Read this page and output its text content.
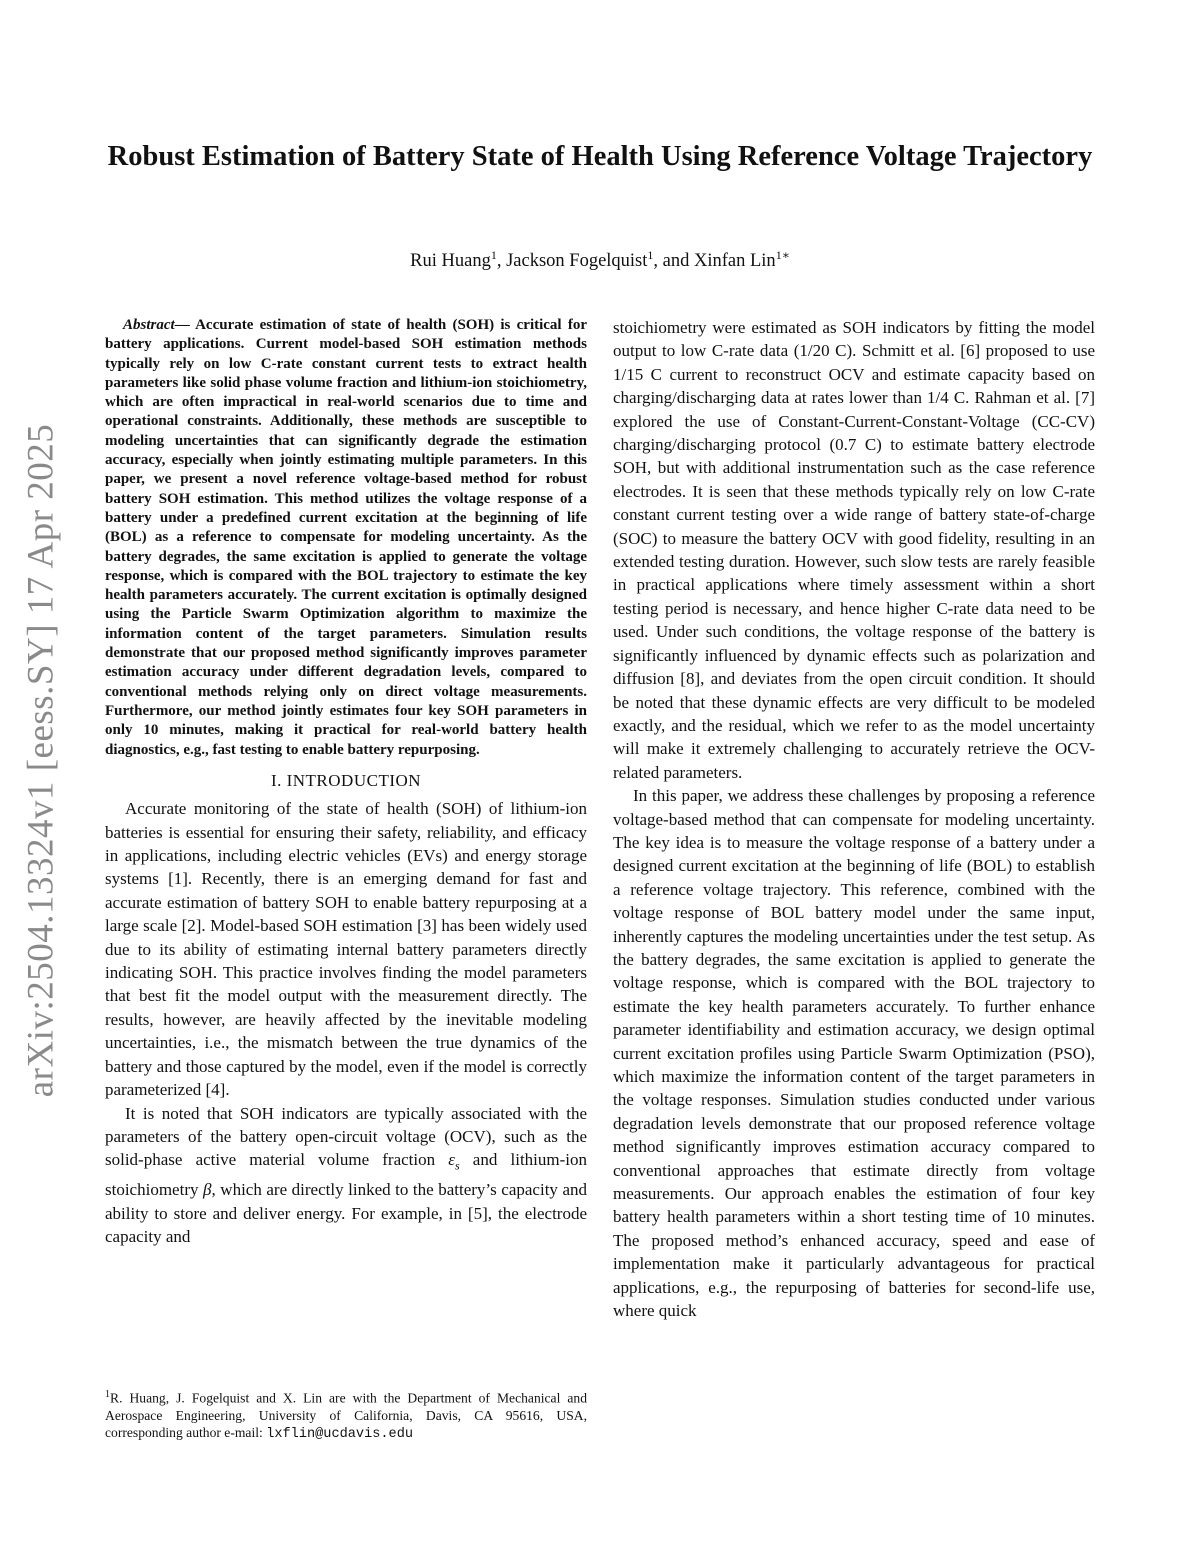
arXiv:2504.13324v1 [eess.SY] 17 Apr 2025
Robust Estimation of Battery State of Health Using Reference Voltage Trajectory
Rui Huang$^1$, Jackson Fogelquist$^1$, and Xinfan Lin$^{1∗}$

Abstract— Accurate estimation of state of health (SOH) is critical for battery applications. Current model-based SOH estimation methods typically rely on low C-rate constant current tests to extract health parameters like solid phase volume fraction and lithium-ion stoichiometry, which are often impractical in real-world scenarios due to time and operational constraints. Additionally, these methods are susceptible to modeling uncertainties that can significantly degrade the estimation accuracy, especially when jointly estimating multiple parameters. In this paper, we present a novel reference voltage-based method for robust battery SOH estimation. This method utilizes the voltage response of a battery under a predefined current excitation at the beginning of life (BOL) as a reference to compensate for modeling uncertainty. As the battery degrades, the same excitation is applied to generate the voltage response, which is compared with the BOL trajectory to estimate the key health parameters accurately. The current excitation is optimally designed using the Particle Swarm Optimization algorithm to maximize the information content of the target parameters. Simulation results demonstrate that our proposed method significantly improves parameter estimation accuracy under different degradation levels, compared to conventional methods relying only on direct voltage measurements. Furthermore, our method jointly estimates four key SOH parameters in only 10 minutes, making it practical for real-world battery health diagnostics, e.g., fast testing to enable battery repurposing.

I. INTRODUCTION

Accurate monitoring of the state of health (SOH) of lithium-ion batteries is essential for ensuring their safety, reliability, and efficacy in applications, including electric vehicles (EVs) and energy storage systems [1]. Recently, there is an emerging demand for fast and accurate estimation of battery SOH to enable battery repurposing at a large scale [2]. Model-based SOH estimation [3] has been widely used due to its ability of estimating internal battery parameters directly indicating SOH. This practice involves finding the model parameters that best fit the model output with the measurement directly. The results, however, are heavily affected by the inevitable modeling uncertainties, i.e., the mismatch between the true dynamics of the battery and those captured by the model, even if the model is correctly parameterized [4].

It is noted that SOH indicators are typically associated with the parameters of the battery open-circuit voltage (OCV), such as the solid-phase active material volume fraction $\varepsilon_s$ and lithium-ion stoichiometry β, which are directly linked to the battery’s capacity and ability to store and deliver energy. For example, in [5], the electrode capacity and

$^1$R. Huang, J. Fogelquist and X. Lin are with the Department of Mechanical and Aerospace Engineering, University of California, Davis, CA 95616, USA, corresponding author e-mail: lxflin@ucdavis.edu

stoichiometry were estimated as SOH indicators by fitting the model output to low C-rate data (1/20 C). Schmitt et al. [6] proposed to use 1/15 C current to reconstruct OCV and estimate capacity based on charging/discharging data at rates lower than 1/4 C. Rahman et al. [7] explored the use of Constant-Current-Constant-Voltage (CC-CV) charging/discharging protocol (0.7 C) to estimate battery electrode SOH, but with additional instrumentation such as the case reference electrodes. It is seen that these methods typically rely on low C-rate constant current testing over a wide range of battery state-of-charge (SOC) to measure the battery OCV with good fidelity, resulting in an extended testing duration. However, such slow tests are rarely feasible in practical applications where timely assessment within a short testing period is necessary, and hence higher C-rate data need to be used. Under such conditions, the voltage response of the battery is significantly influenced by dynamic effects such as polarization and diffusion [8], and deviates from the open circuit condition. It should be noted that these dynamic effects are very difficult to be modeled exactly, and the residual, which we refer to as the model uncertainty will make it extremely challenging to accurately retrieve the OCV-related parameters.

In this paper, we address these challenges by proposing a reference voltage-based method that can compensate for modeling uncertainty. The key idea is to measure the voltage response of a battery under a designed current excitation at the beginning of life (BOL) to establish a reference voltage trajectory. This reference, combined with the voltage response of BOL battery model under the same input, inherently captures the modeling uncertainties under the test setup. As the battery degrades, the same excitation is applied to generate the voltage response, which is compared with the BOL trajectory to estimate the key health parameters accurately. To further enhance parameter identifiability and estimation accuracy, we design optimal current excitation profiles using Particle Swarm Optimization (PSO), which maximize the information content of the target parameters in the voltage responses. Simulation studies conducted under various degradation levels demonstrate that our proposed reference voltage method significantly improves estimation accuracy compared to conventional approaches that estimate directly from voltage measurements. Our approach enables the estimation of four key battery health parameters within a short testing time of 10 minutes. The proposed method’s enhanced accuracy, speed and ease of implementation make it particularly advantageous for practical applications, e.g., the repurposing of batteries for second-life use, where quick
